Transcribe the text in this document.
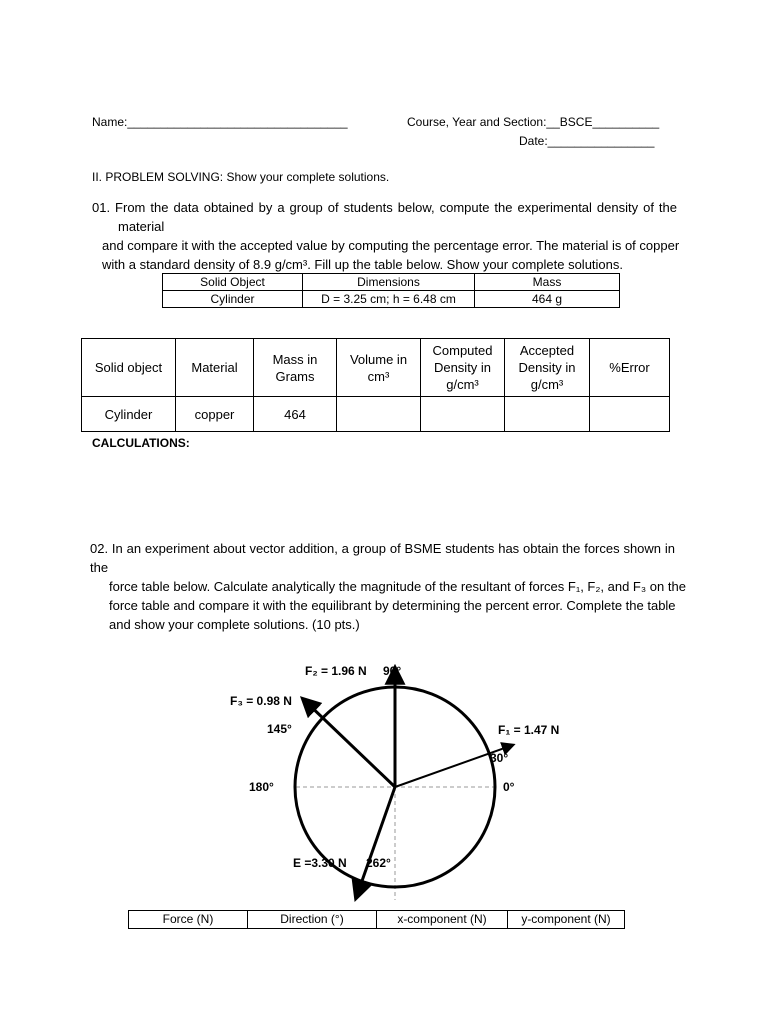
Name:_________________________________	Course, Year and Section:__BSCE__________
Date:________________
II. PROBLEM SOLVING: Show your complete solutions.
01. From the data obtained by a group of students below, compute the experimental density of the
material
and compare it with the accepted value by computing the percentage error. The material is of copper
with a standard density of 8.9 g/cm³. Fill up the table below. Show your complete solutions.
Solid Object	Dimensions	Mass
Cylinder	D = 3.25 cm; h = 6.48 cm	464 g
Solid object	Material	Mass in Grams	Volume in cm³	Computed Density in g/cm³	Accepted Density in g/cm³	%Error
Cylinder	copper	464				
CALCULATIONS:
02. In an experiment about vector addition, a group of BSME students has obtain the forces shown in
the
force table below. Calculate analytically the magnitude of the resultant of forces F₁, F₂, and F₃ on the
force table and compare it with the equilibrant by determining the percent error. Complete the table
and show your complete solutions. (10 pts.)
F₂ = 1.96 N 90°
F₃ = 0.98 N
145°	F₁ = 1.47 N
30°
180°	0°
E =3.30 N 262°
Force (N)	Direction (°)	x-component (N)	y-component (N)
